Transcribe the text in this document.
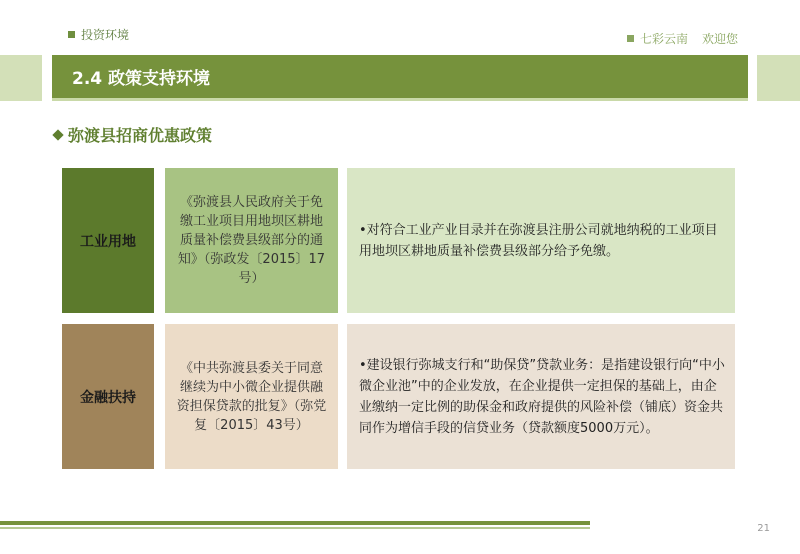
投资环境	七彩云南 欢迎您
2.4 政策支持环境
弥渡县招商优惠政策
工业用地
《弥渡县人民政府关于免缴工业项目用地坝区耕地质量补偿费县级部分的通知》（弥政发〔2015〕17号）
•对符合工业产业目录并在弥渡县注册公司就地纳税的工业项目用地坝区耕地质量补偿费县级部分给予免缴。
金融扶持
《中共弥渡县委关于同意继续为中小微企业提供融资担保贷款的批复》（弥党复〔2015〕43号）
•建设银行弥城支行和“助保贷”贷款业务：是指建设银行向“中小微企业池”中的企业发放，在企业提供一定担保的基础上，由企业缴纳一定比例的助保金和政府提供的风险补偿（铺底）资金共同作为增信手段的信贷业务（贷款额度5000万元）。
21
